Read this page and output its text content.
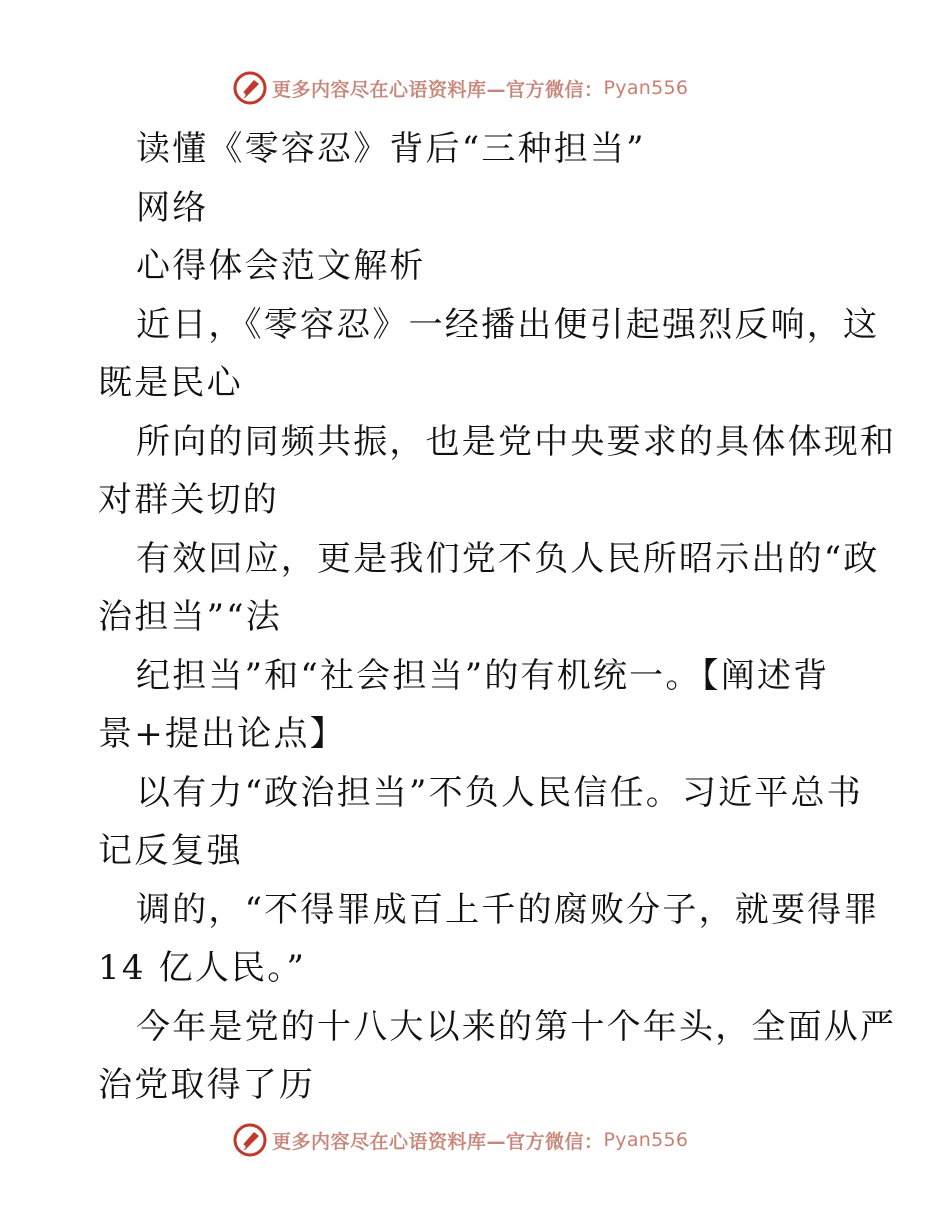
更多内容尽在心语资料库—官方微信： Pyan556
读懂《零容忍》背后“三种担当”
网络
心得体会范文解析
近日，《零容忍》一经播出便引起强烈反响，这
既是民心
所向的同频共振，也是党中央要求的具体体现和
对群关切的
有效回应，更是我们党不负人民所昭示出的“政
治担当”“法
纪担当”和“社会担当”的有机统一。【阐述背
景+提出论点】
以有力“政治担当”不负人民信任。习近平总书
记反复强
调的，“不得罪成百上千的腐败分子，就要得罪
14 亿人民。”
今年是党的十八大以来的第十个年头，全面从严
治党取得了历
更多内容尽在心语资料库—官方微信： Pyan556
